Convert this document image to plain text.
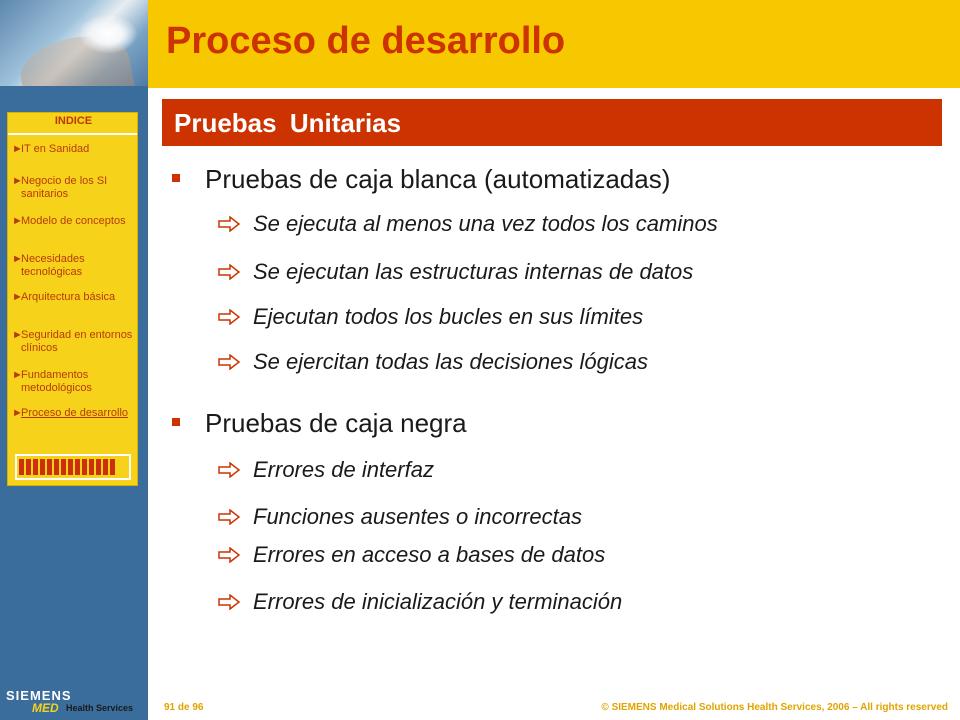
INDICE
►
IT en Sanidad
►
Negocio de los SI sanitarios
►
Modelo de conceptos
►
Necesidades tecnológicas
►
Arquitectura básica
►
Seguridad en entornos clínicos
►
Fundamentos metodológicos
►
Proceso de desarrollo
SIEMENS
MED Health Services
Proceso de desarrollo
Pruebas Unitarias
Pruebas de caja blanca (automatizadas)
Se ejecuta al menos una vez todos los caminos
Se ejecutan las estructuras internas de datos
Ejecutan todos los bucles en sus límites
Se ejercitan todas las decisiones lógicas
Pruebas de caja negra
Errores de interfaz
Funciones ausentes o incorrectas
Errores en acceso a bases de datos
Errores de inicialización y terminación
91 de 96	© SIEMENS Medical Solutions Health Services, 2006 – All rights reserved
